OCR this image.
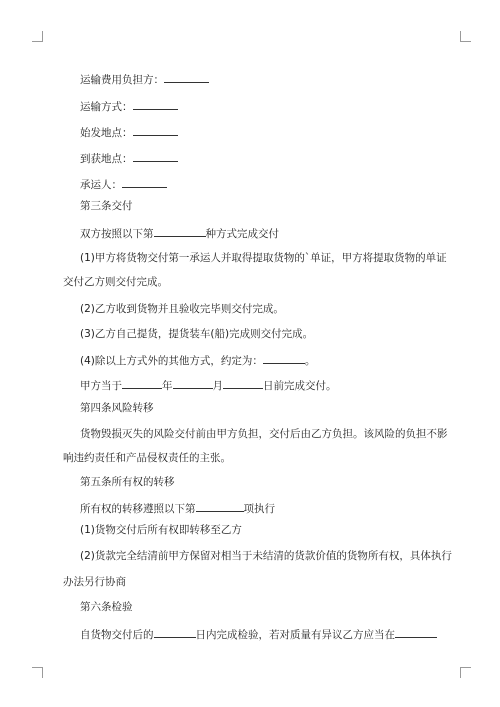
运输费用负担方：
运输方式：
始发地点：
到获地点：
承运人：
第三条交付
双方按照以下第	种方式完成交付
(1)甲方将货物交付第一承运人并取得提取货物的`单证，甲方将提取货物的单证
交付乙方则交付完成。
(2)乙方收到货物并且验收完毕则交付完成。
(3)乙方自己提货，提货装车(船)完成则交付完成。
(4)除以上方式外的其他方式，约定为：	。
甲方当于	年	月	日前完成交付。
第四条风险转移
货物毁损灭失的风险交付前由甲方负担，交付后由乙方负担。该风险的负担不影
响违约责任和产品侵权责任的主张。
第五条所有权的转移
所有权的转移遵照以下第	项执行
(1)货物交付后所有权即转移至乙方
(2)货款完全结清前甲方保留对相当于未结清的货款价值的货物所有权，具体执行
办法另行协商
第六条检验
自货物交付后的	日内完成检验，若对质量有异议乙方应当在
